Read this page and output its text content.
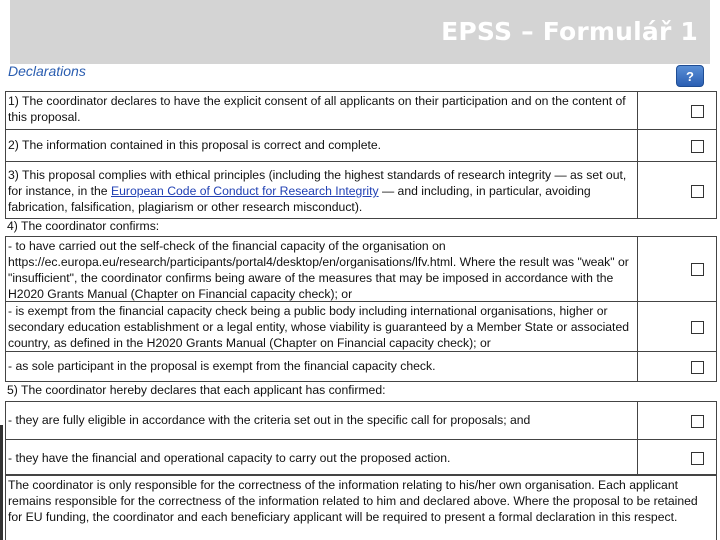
EPSS – Formulář 1
Declarations	?
1) The coordinator declares to have the explicit consent of all applicants on their participation and on the content of this proposal.
2) The information contained in this proposal is correct and complete.
3) This proposal complies with ethical principles (including the highest standards of research integrity — as set out, for instance, in the European Code of Conduct for Research Integrity — and including, in particular, avoiding fabrication, falsification, plagiarism or other research misconduct).
4) The coordinator confirms:
- to have carried out the self-check of the financial capacity of the organisation on https://ec.europa.eu/research/participants/portal4/desktop/en/organisations/lfv.html. Where the result was "weak" or "insufficient", the coordinator confirms being aware of the measures that may be imposed in accordance with the H2020 Grants Manual (Chapter on Financial capacity check); or
- is exempt from the financial capacity check being a public body including international organisations, higher or secondary education establishment or a legal entity, whose viability is guaranteed by a Member State or associated country, as defined in the H2020 Grants Manual (Chapter on Financial capacity check); or
- as sole participant in the proposal is exempt from the financial capacity check.
5) The coordinator hereby declares that each applicant has confirmed:
- they are fully eligible in accordance with the criteria set out in the specific call for proposals; and
- they have the financial and operational capacity to carry out the proposed action.
The coordinator is only responsible for the correctness of the information relating to his/her own organisation. Each applicant remains responsible for the correctness of the information related to him and declared above. Where the proposal to be retained for EU funding, the coordinator and each beneficiary applicant will be required to present a formal declaration in this respect.
